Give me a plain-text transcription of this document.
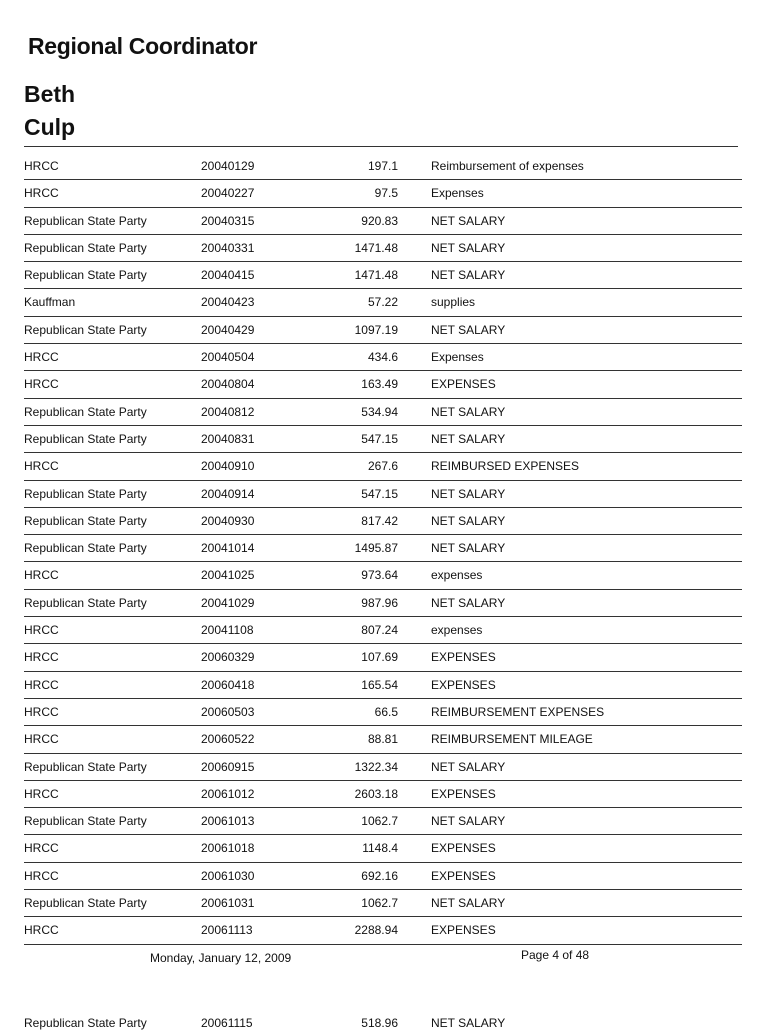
Regional Coordinator
Beth
Culp
HRCC	20040129	197.1	Reimbursement of expenses
HRCC	20040227	97.5	Expenses
Republican State Party	20040315	920.83	NET SALARY
Republican State Party	20040331	1471.48	NET SALARY
Republican State Party	20040415	1471.48	NET SALARY
Kauffman	20040423	57.22	supplies
Republican State Party	20040429	1097.19	NET SALARY
HRCC	20040504	434.6	Expenses
HRCC	20040804	163.49	EXPENSES
Republican State Party	20040812	534.94	NET SALARY
Republican State Party	20040831	547.15	NET SALARY
HRCC	20040910	267.6	REIMBURSED EXPENSES
Republican State Party	20040914	547.15	NET SALARY
Republican State Party	20040930	817.42	NET SALARY
Republican State Party	20041014	1495.87	NET SALARY
HRCC	20041025	973.64	expenses
Republican State Party	20041029	987.96	NET SALARY
HRCC	20041108	807.24	expenses
HRCC	20060329	107.69	EXPENSES
HRCC	20060418	165.54	EXPENSES
HRCC	20060503	66.5	REIMBURSEMENT EXPENSES
HRCC	20060522	88.81	REIMBURSEMENT MILEAGE
Republican State Party	20060915	1322.34	NET SALARY
HRCC	20061012	2603.18	EXPENSES
Republican State Party	20061013	1062.7	NET SALARY
HRCC	20061018	1148.4	EXPENSES
HRCC	20061030	692.16	EXPENSES
Republican State Party	20061031	1062.7	NET SALARY
HRCC	20061113	2288.94	EXPENSES
Monday, January 12, 2009	Page 4 of 48
Republican State Party	20061115	518.96	NET SALARY
